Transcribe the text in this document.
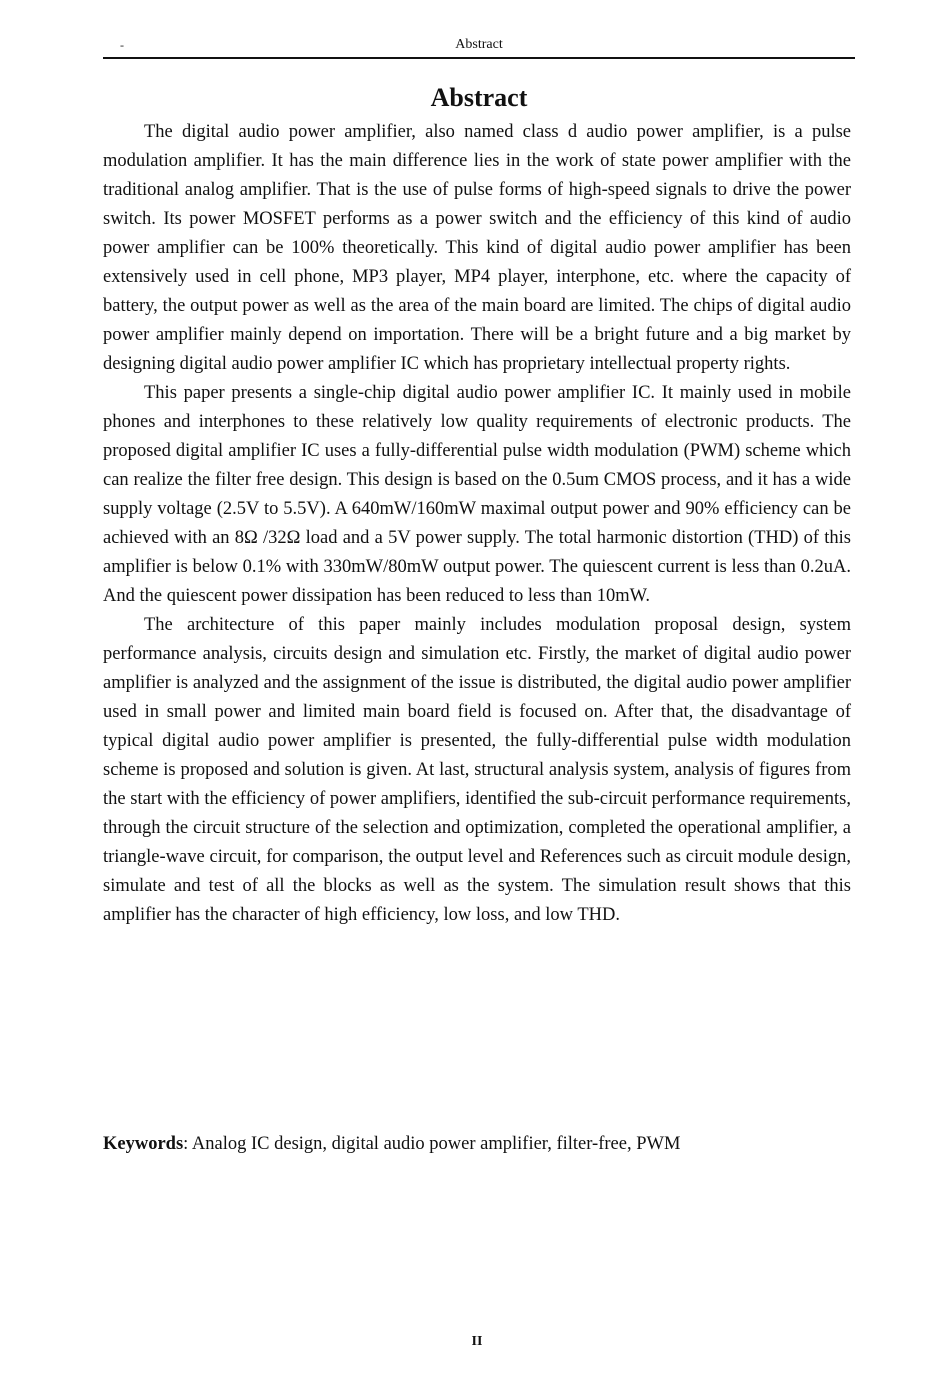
-	Abstract
Abstract

The digital audio power amplifier, also named class d audio power amplifier, is a pulse modulation amplifier. It has the main difference lies in the work of state power amplifier with the traditional analog amplifier. That is the use of pulse forms of high-speed signals to drive the power switch. Its power MOSFET performs as a power switch and the efficiency of this kind of audio power amplifier can be 100% theoretically. This kind of digital audio power amplifier has been extensively used in cell phone, MP3 player, MP4 player, interphone, etc. where the capacity of battery, the output power as well as the area of the main board are limited. The chips of digital audio power amplifier mainly depend on importation. There will be a bright future and a big market by designing digital audio power amplifier IC which has proprietary intellectual property rights.

This paper presents a single-chip digital audio power amplifier IC. It mainly used in mobile phones and interphones to these relatively low quality requirements of electronic products. The proposed digital amplifier IC uses a fully-differential pulse width modulation (PWM) scheme which can realize the filter free design. This design is based on the 0.5um CMOS process, and it has a wide supply voltage (2.5V to 5.5V). A 640mW/160mW maximal output power and 90% efficiency can be achieved with an 8Ω /32Ω load and a 5V power supply. The total harmonic distortion (THD) of this amplifier is below 0.1% with 330mW/80mW output power. The quiescent current is less than 0.2uA. And the quiescent power dissipation has been reduced to less than 10mW.

The architecture of this paper mainly includes modulation proposal design, system performance analysis, circuits design and simulation etc. Firstly, the market of digital audio power amplifier is analyzed and the assignment of the issue is distributed, the digital audio power amplifier used in small power and limited main board field is focused on. After that, the disadvantage of typical digital audio power amplifier is presented, the fully-differential pulse width modulation scheme is proposed and solution is given. At last, structural analysis system, analysis of figures from the start with the efficiency of power amplifiers, identified the sub-circuit performance requirements, through the circuit structure of the selection and optimization, completed the operational amplifier, a triangle-wave circuit, for comparison, the output level and References such as circuit module design, simulate and test of all the blocks as well as the system. The simulation result shows that this amplifier has the character of high efficiency, low loss, and low THD.

Keywords: Analog IC design, digital audio power amplifier, filter-free, PWM
II
